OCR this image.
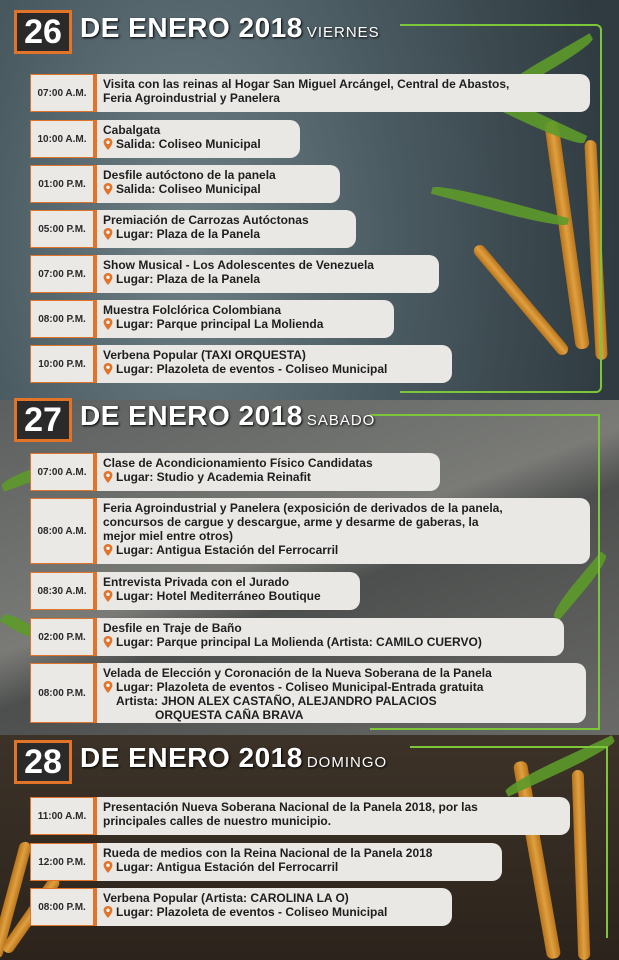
26 DE ENERO 2018 VIERNES
07:00 A.M.
Visita con las reinas al Hogar San Miguel Arcángel, Central de Abastos,
Feria Agroindustrial y Panelera
10:00 A.M.
Cabalgata
Salida: Coliseo Municipal
01:00 P.M.
Desfile autóctono de la panela
Salida: Coliseo Municipal
05:00 P.M.
Premiación de Carrozas Autóctonas
Lugar: Plaza de la Panela
07:00 P.M.
Show Musical - Los Adolescentes de Venezuela
Lugar: Plaza de la Panela
08:00 P.M.
Muestra Folclórica Colombiana
Lugar: Parque principal La Molienda
10:00 P.M.
Verbena Popular (TAXI ORQUESTA)
Lugar: Plazoleta de eventos - Coliseo Municipal
27 DE ENERO 2018 SABADO
07:00 A.M.
Clase de Acondicionamiento Físico Candidatas
Lugar: Studio y Academia Reinafit
08:00 A.M.
Feria Agroindustrial y Panelera (exposición de derivados de la panela,
concursos de cargue y descargue, arme y desarme de gaberas, la
mejor miel entre otros)
Lugar: Antigua Estación del Ferrocarril
08:30 A.M.
Entrevista Privada con el Jurado
Lugar: Hotel Mediterráneo Boutique
02:00 P.M.
Desfile en Traje de Baño
Lugar: Parque principal La Molienda (Artista: CAMILO CUERVO)
08:00 P.M.
Velada de Elección y Coronación de la Nueva Soberana de la Panela
Lugar: Plazoleta de eventos - Coliseo Municipal-Entrada gratuita
Artista: JHON ALEX CASTAÑO, ALEJANDRO PALACIOS
ORQUESTA CAÑA BRAVA
28 DE ENERO 2018 DOMINGO
11:00 A.M.
Presentación Nueva Soberana Nacional de la Panela 2018, por las
principales calles de nuestro municipio.
12:00 P.M.
Rueda de medios con la Reina Nacional de la Panela 2018
Lugar: Antigua Estación del Ferrocarril
08:00 P.M.
Verbena Popular (Artista: CAROLINA LA O)
Lugar: Plazoleta de eventos - Coliseo Municipal
